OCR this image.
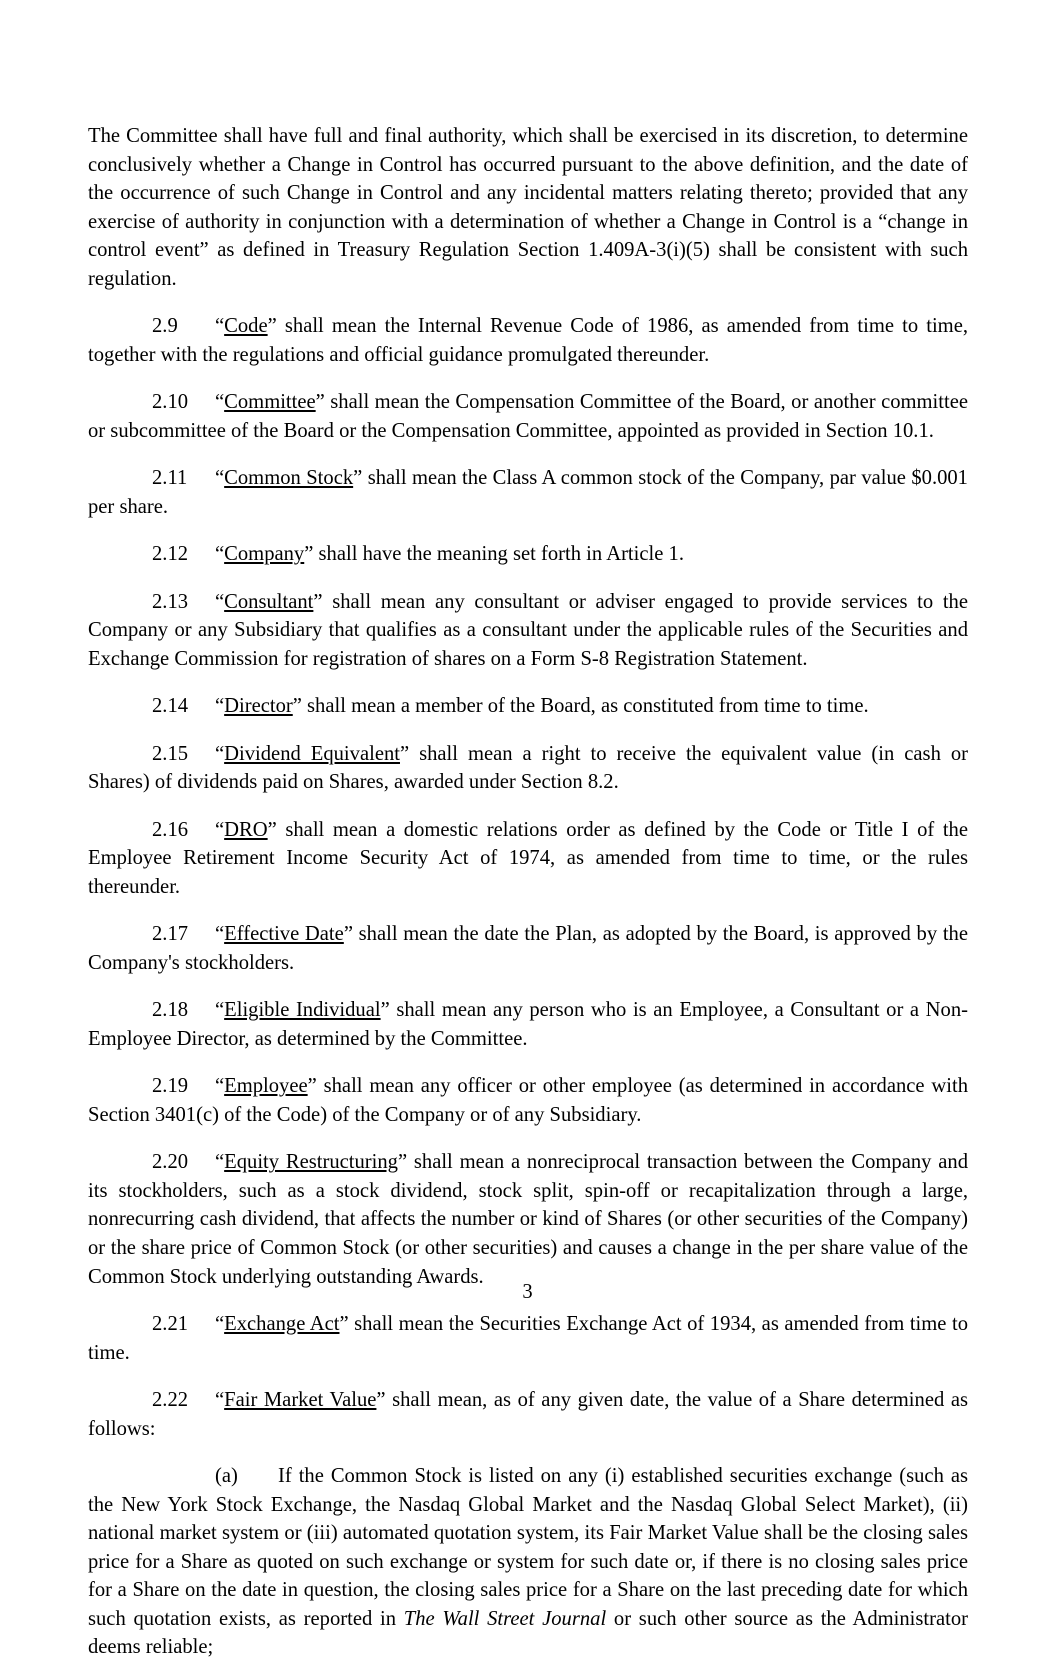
The Committee shall have full and final authority, which shall be exercised in its discretion, to determine conclusively whether a Change in Control has occurred pursuant to the above definition, and the date of the occurrence of such Change in Control and any incidental matters relating thereto; provided that any exercise of authority in conjunction with a determination of whether a Change in Control is a “change in control event” as defined in Treasury Regulation Section 1.409A-3(i)(5) shall be consistent with such regulation.

2.9 “Code” shall mean the Internal Revenue Code of 1986, as amended from time to time, together with the regulations and official guidance promulgated thereunder.

2.10 “Committee” shall mean the Compensation Committee of the Board, or another committee or subcommittee of the Board or the Compensation Committee, appointed as provided in Section 10.1.

2.11 “Common Stock” shall mean the Class A common stock of the Company, par value $0.001 per share.

2.12 “Company” shall have the meaning set forth in Article 1.

2.13 “Consultant” shall mean any consultant or adviser engaged to provide services to the Company or any Subsidiary that qualifies as a consultant under the applicable rules of the Securities and Exchange Commission for registration of shares on a Form S-8 Registration Statement.

2.14 “Director” shall mean a member of the Board, as constituted from time to time.

2.15 “Dividend Equivalent” shall mean a right to receive the equivalent value (in cash or Shares) of dividends paid on Shares, awarded under Section 8.2.

2.16 “DRO” shall mean a domestic relations order as defined by the Code or Title I of the Employee Retirement Income Security Act of 1974, as amended from time to time, or the rules thereunder.

2.17 “Effective Date” shall mean the date the Plan, as adopted by the Board, is approved by the Company's stockholders.

2.18 “Eligible Individual” shall mean any person who is an Employee, a Consultant or a Non-Employee Director, as determined by the Committee.

2.19 “Employee” shall mean any officer or other employee (as determined in accordance with Section 3401(c) of the Code) of the Company or of any Subsidiary.

2.20 “Equity Restructuring” shall mean a nonreciprocal transaction between the Company and its stockholders, such as a stock dividend, stock split, spin-off or recapitalization through a large, nonrecurring cash dividend, that affects the number or kind of Shares (or other securities of the Company) or the share price of Common Stock (or other securities) and causes a change in the per share value of the Common Stock underlying outstanding Awards.

2.21 “Exchange Act” shall mean the Securities Exchange Act of 1934, as amended from time to time.

2.22 “Fair Market Value” shall mean, as of any given date, the value of a Share determined as follows:

(a) If the Common Stock is listed on any (i) established securities exchange (such as the New York Stock Exchange, the Nasdaq Global Market and the Nasdaq Global Select Market), (ii) national market system or (iii) automated quotation system, its Fair Market Value shall be the closing sales price for a Share as quoted on such exchange or system for such date or, if there is no closing sales price for a Share on the date in question, the closing sales price for a Share on the last preceding date for which such quotation exists, as reported in The Wall Street Journal or such other source as the Administrator deems reliable;

3
